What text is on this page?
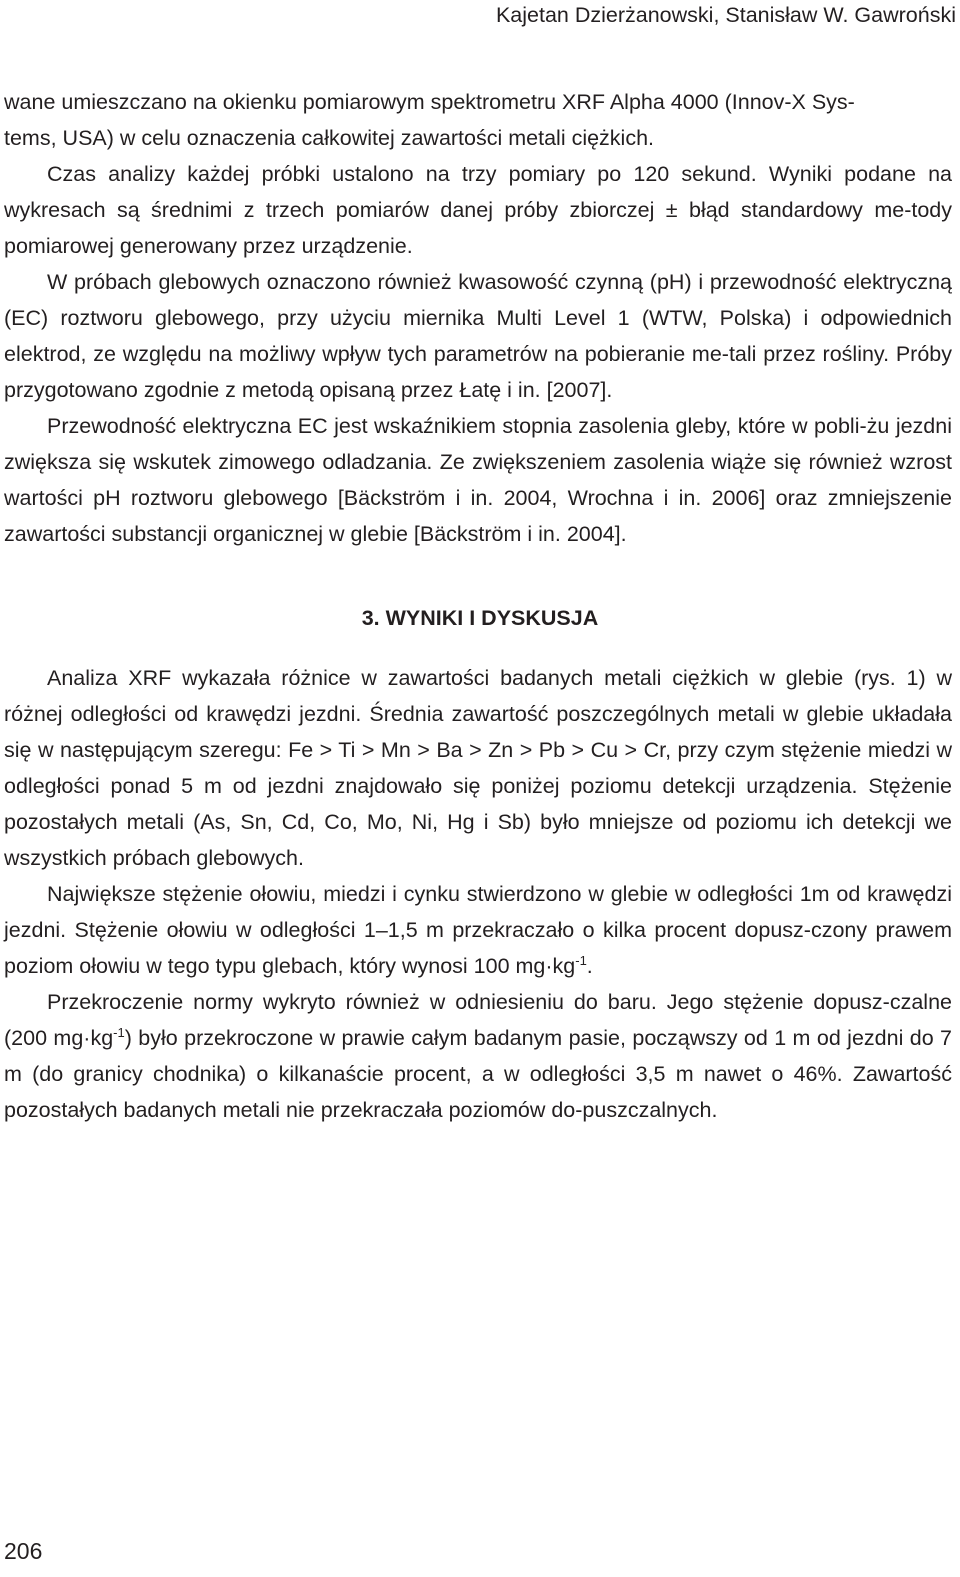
Kajetan Dzierżanowski, Stanisław W. Gawroński

wane umieszczano na okienku pomiarowym spektrometru XRF Alpha 4000 (Innov-X Sys-
tems, USA) w celu oznaczenia całkowitej zawartości metali ciężkich.

Czas analizy każdej próbki ustalono na trzy pomiary po 120 sekund. Wyniki podane na wykresach są średnimi z trzech pomiarów danej próby zbiorczej ± błąd standardowy me-tody pomiarowej generowany przez urządzenie.

W próbach glebowych oznaczono również kwasowość czynną (pH) i przewodność elektryczną (EC) roztworu glebowego, przy użyciu miernika Multi Level 1 (WTW, Polska) i odpowiednich elektrod, ze względu na możliwy wpływ tych parametrów na pobieranie me-tali przez rośliny. Próby przygotowano zgodnie z metodą opisaną przez Łatę i in. [2007].

Przewodność elektryczna EC jest wskaźnikiem stopnia zasolenia gleby, które w pobli-żu jezdni zwiększa się wskutek zimowego odladzania. Ze zwiększeniem zasolenia wiąże się również wzrost wartości pH roztworu glebowego [Bäckström i in. 2004, Wrochna i in. 2006] oraz zmniejszenie zawartości substancji organicznej w glebie [Bäckström i in. 2004].

3. WYNIKI I DYSKUSJA

Analiza XRF wykazała różnice w zawartości badanych metali ciężkich w glebie (rys. 1) w różnej odległości od krawędzi jezdni. Średnia zawartość poszczególnych metali w glebie układała się w następującym szeregu: Fe > Ti > Mn > Ba > Zn > Pb > Cu > Cr, przy czym stężenie miedzi w odległości ponad 5 m od jezdni znajdowało się poniżej poziomu detekcji urządzenia. Stężenie pozostałych metali (As, Sn, Cd, Co, Mo, Ni, Hg i Sb) było mniejsze od poziomu ich detekcji we wszystkich próbach glebowych.

Największe stężenie ołowiu, miedzi i cynku stwierdzono w glebie w odległości 1m od krawędzi jezdni. Stężenie ołowiu w odległości 1–1,5 m przekraczało o kilka procent dopusz-czony prawem poziom ołowiu w tego typu glebach, który wynosi 100 $mg\cdot kg^{-1}$.

Przekroczenie normy wykryto również w odniesieniu do baru. Jego stężenie dopusz-czalne (200 $mg\cdot kg^{-1}$) było przekroczone w prawie całym badanym pasie, począwszy od 1 m od jezdni do 7 m (do granicy chodnika) o kilkanaście procent, a w odległości 3,5 m nawet o 46%. Zawartość pozostałych badanych metali nie przekraczała poziomów do-puszczalnych.

206
